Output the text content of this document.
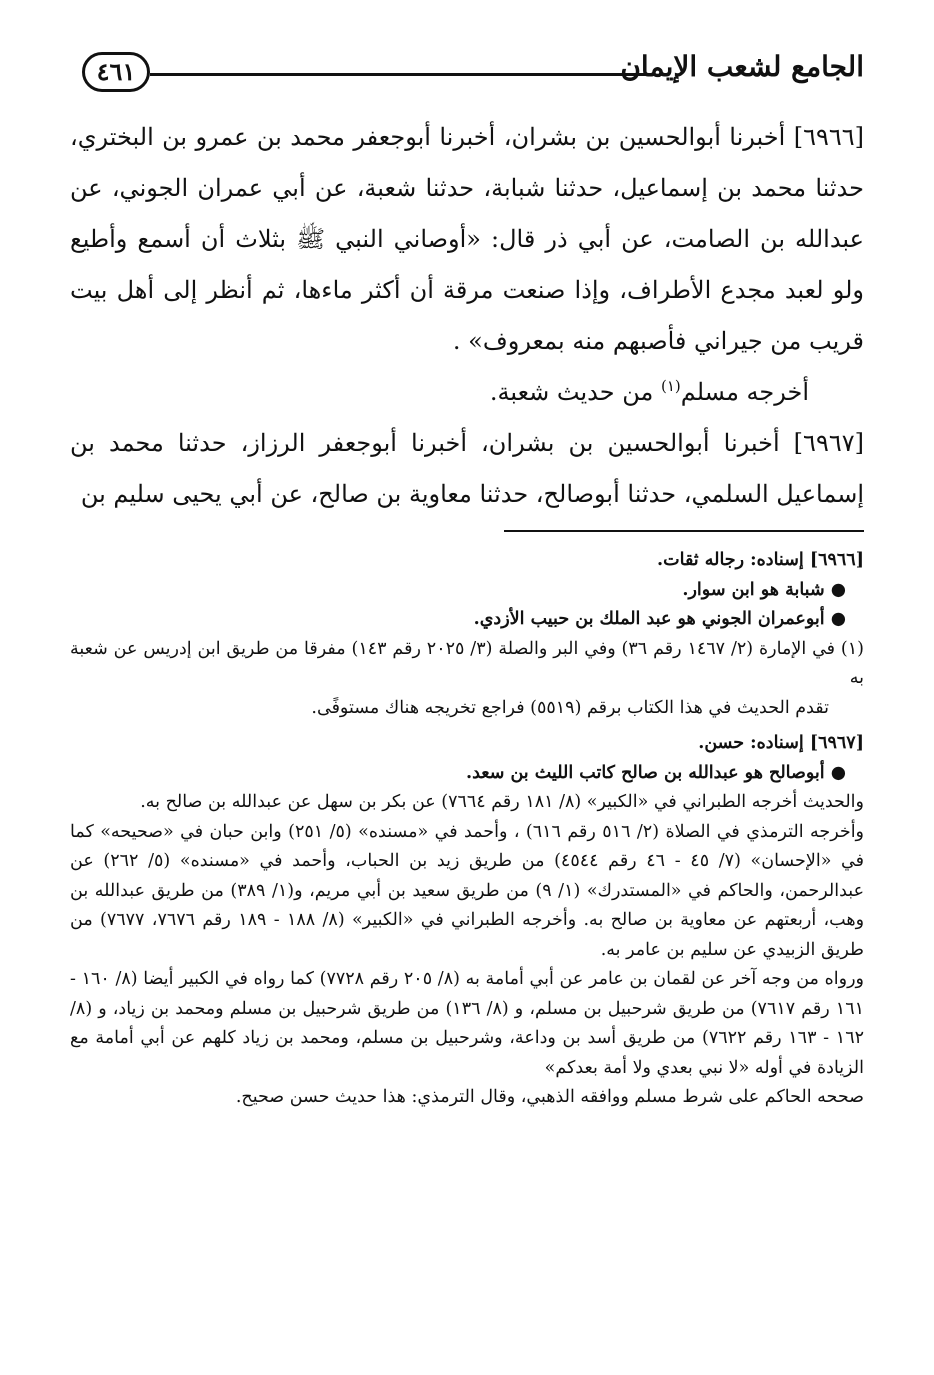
الجامع لشعب الإيمان
٤٦١

[٦٩٦٦] أخبرنا أبوالحسين بن بشران، أخبرنا أبوجعفر محمد بن عمرو بن البختري، حدثنا محمد بن إسماعيل، حدثنا شبابة، حدثنا شعبة، عن أبي عمران الجوني، عن عبدالله بن الصامت، عن أبي ذر قال: «أوصاني النبي ﷺ بثلاث أن أسمع وأطيع ولو لعبد مجدع الأطراف، وإذا صنعت مرقة أن أكثر ماءها، ثم أنظر إلى أهل بيت قريب من جيراني فأصبهم منه بمعروف» .

أخرجه مسلم$^{(١)}$ من حديث شعبة.

[٦٩٦٧] أخبرنا أبوالحسين بن بشران، أخبرنا أبوجعفر الرزاز، حدثنا محمد بن إسماعيل السلمي، حدثنا أبوصالح، حدثنا معاوية بن صالح، عن أبي يحيى سليم بن

[٦٩٦٦] إسناده: رجاله ثقات.

● شبابة هو ابن سوار.

● أبوعمران الجوني هو عبد الملك بن حبيب الأزدي.

(١) في الإمارة (٢/ ١٤٦٧ رقم ٣٦) وفي البر والصلة (٣/ ٢٠٢٥ رقم ١٤٣) مفرقا من طريق ابن إدريس عن شعبة به

تقدم الحديث في هذا الكتاب برقم (٥٥١٩) فراجع تخريجه هناك مستوفًى.

[٦٩٦٧] إسناده: حسن.

● أبوصالح هو عبدالله بن صالح كاتب الليث بن سعد.

والحديث أخرجه الطبراني في «الكبير» (٨/ ١٨١ رقم ٧٦٦٤) عن بكر بن سهل عن عبدالله بن صالح به.

وأخرجه الترمذي في الصلاة (٢/ ٥١٦ رقم ٦١٦) ، وأحمد في «مسنده» (٥/ ٢٥١) وابن حبان في «صحيحه» كما في «الإحسان» (٧/ ٤٥ - ٤٦ رقم ٤٥٤٤) من طريق زيد بن الحباب، وأحمد في «مسنده» (٥/ ٢٦٢) عن عبدالرحمن، والحاكم في «المستدرك» (١/ ٩) من طريق سعيد بن أبي مريم، و(١/ ٣٨٩) من طريق عبدالله بن وهب، أربعتهم عن معاوية بن صالح به. وأخرجه الطبراني في «الكبير» (٨/ ١٨٨ - ١٨٩ رقم ٧٦٧٦، ٧٦٧٧) من طريق الزبيدي عن سليم بن عامر به.

ورواه من وجه آخر عن لقمان بن عامر عن أبي أمامة به (٨/ ٢٠٥ رقم ٧٧٢٨) كما رواه في الكبير أيضا (٨/ ١٦٠ - ١٦١ رقم ٧٦١٧) من طريق شرحبيل بن مسلم، و (٨/ ١٣٦) من طريق شرحبيل بن مسلم ومحمد بن زياد، و (٨/ ١٦٢ - ١٦٣ رقم ٧٦٢٢) من طريق أسد بن وداعة، وشرحبيل بن مسلم، ومحمد بن زياد كلهم عن أبي أمامة مع الزيادة في أوله «لا نبي بعدي ولا أمة بعدكم»

صححه الحاكم على شرط مسلم ووافقه الذهبي، وقال الترمذي: هذا حديث حسن صحيح.
